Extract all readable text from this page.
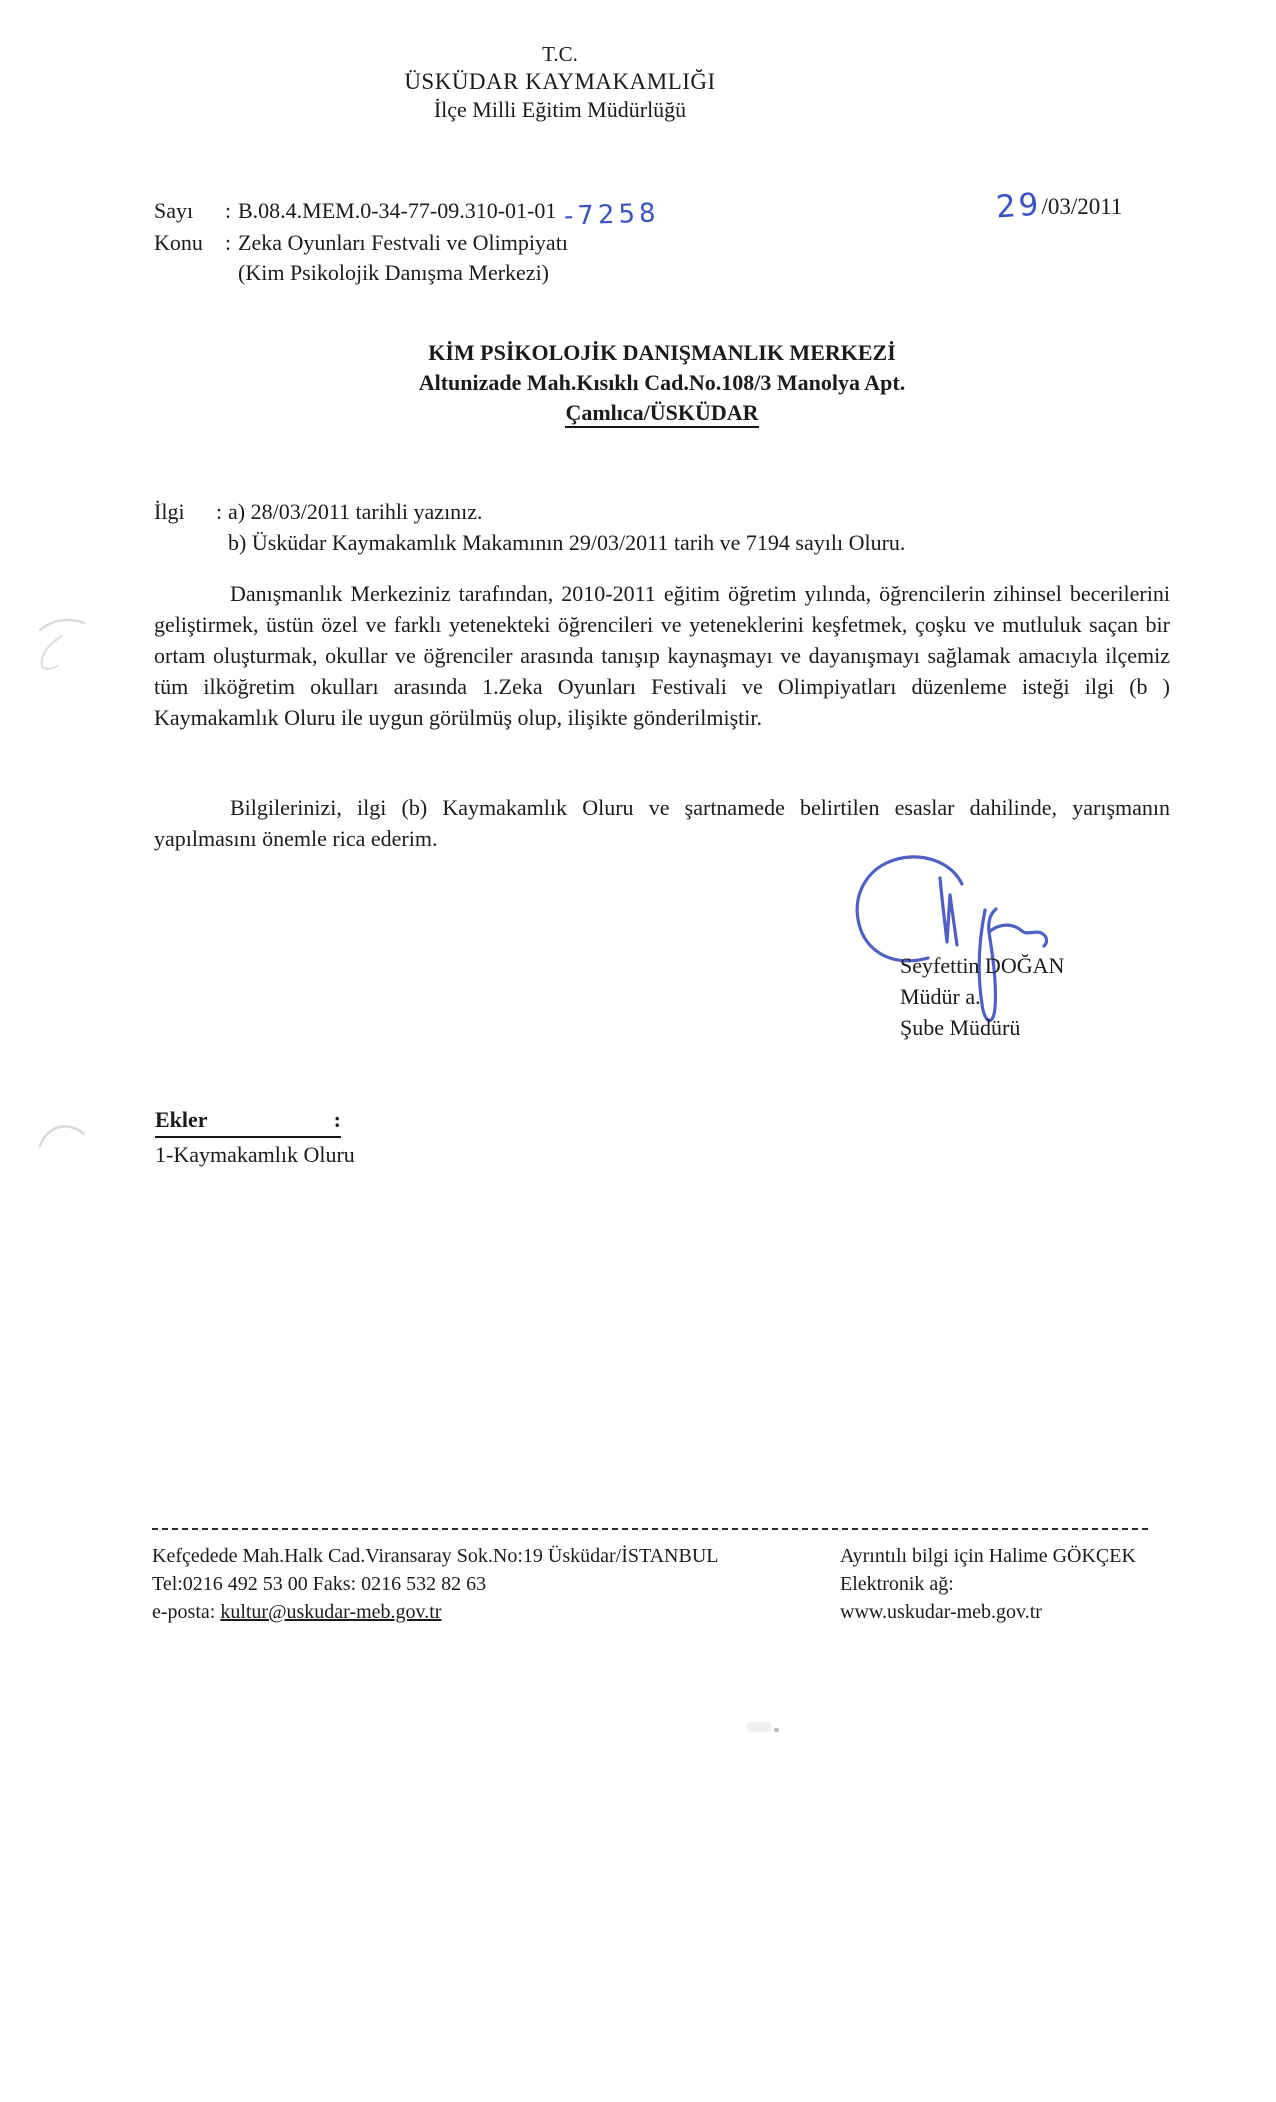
T.C.
ÜSKÜDAR KAYMAKAMLIĞI
İlçe Milli Eğitim Müdürlüğü
29/03/2011
Sayı	: B.08.4.MEM.0-34-77-09.310-01-01 -7258
Konu	: Zeka Oyunları Festvali ve Olimpiyatı
(Kim Psikolojik Danışma Merkezi)
KİM PSİKOLOJİK DANIŞMANLIK MERKEZİ
Altunizade Mah.Kısıklı Cad.No.108/3 Manolya Apt.
Çamlıca/ÜSKÜDAR
İlgi	: a) 28/03/2011 tarihli yazınız.
b) Üsküdar Kaymakamlık Makamının 29/03/2011 tarih ve 7194 sayılı Oluru.

Danışmanlık Merkeziniz tarafından, 2010-2011 eğitim öğretim yılında, öğrencilerin zihinsel becerilerini geliştirmek, üstün özel ve farklı yetenekteki öğrencileri ve yeteneklerini keşfetmek, çoşku ve mutluluk saçan bir ortam oluşturmak, okullar ve öğrenciler arasında tanışıp kaynaşmayı ve dayanışmayı sağlamak amacıyla ilçemiz tüm ilköğretim okulları arasında 1.Zeka Oyunları Festivali ve Olimpiyatları düzenleme isteği ilgi (b ) Kaymakamlık Oluru ile uygun görülmüş olup, ilişikte gönderilmiştir.

Bilgilerinizi, ilgi (b) Kaymakamlık Oluru ve şartnamede belirtilen esaslar dahilinde, yarışmanın yapılmasını önemle rica ederim.

Seyfettin DOĞAN
Müdür a.
Şube Müdürü
Ekler	:
1-Kaymakamlık Oluru
Kefçedede Mah.Halk Cad.Viransaray Sok.No:19 Üsküdar/İSTANBUL
Tel:0216 492 53 00 Faks: 0216 532 82 63
e-posta: kultur@uskudar-meb.gov.tr
Ayrıntılı bilgi için Halime GÖKÇEK
Elektronik ağ:
www.uskudar-meb.gov.tr
